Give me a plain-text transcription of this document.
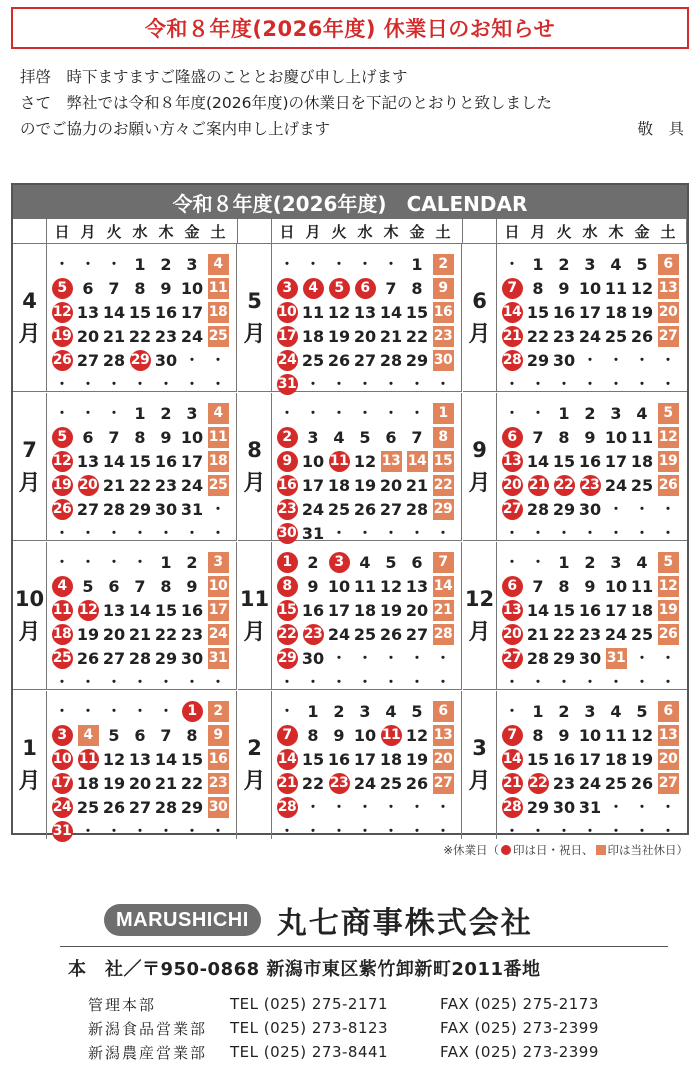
令和８年度(2026年度) 休業日のお知らせ
拝啓　時下ますますご隆盛のこととお慶び申し上げます
さて　弊社では令和８年度(2026年度)の休業日を下記のとおりと致しました
のでご協力のお願い方々ご案内申し上げます	敬　具
令和８年度(2026年度)　CALENDAR
日 月 火 水 木 金 土	日 月 火 水 木 金 土	日 月 火 水 木 金 土
4
月
・ ・ ・ 1 2 3	4
5 6 7 8 9 10 11
12 13 14 15 16 17 18
19 20 21 22 23 24 25
26 27 28 29 30 ・ ・
・ ・ ・ ・ ・ ・ ・
5
月
・ ・ ・ ・ ・ 1	2
3	4	5	6 7 8	9
10 11 12 13 14 15 16
17 18 19 20 21 22 23
24 25 26 27 28 29 30
31 ・ ・ ・ ・ ・ ・
6
月
・ 1 2 3 4 5	6
7 8 9 10 11 12 13
14 15 16 17 18 19 20
21 22 23 24 25 26 27
28 29 30 ・ ・ ・ ・
・ ・ ・ ・ ・ ・ ・
7
月
・ ・ ・ 1 2 3	4
5 6 7 8 9 10 11
12 13 14 15 16 17 18
19 20 21 22 23 24 25
26 27 28 29 30 31 ・
・ ・ ・ ・ ・ ・ ・
8
月
・ ・ ・ ・ ・ ・	1
2 3 4 5 6 7	8
9 10 11 12 13 14 15
16 17 18 19 20 21 22
23 24 25 26 27 28 29
30 31 ・ ・ ・ ・ ・
9
月
・ ・ 1 2 3 4	5
6 7 8 9 10 11 12
13 14 15 16 17 18 19
20 21 22 23 24 25 26
27 28 29 30 ・ ・ ・
・ ・ ・ ・ ・ ・ ・
10
月
・ ・ ・ ・ 1 2	3
4 5 6 7 8 9 10
11 12 13 14 15 16 17
18 19 20 21 22 23 24
25 26 27 28 29 30 31
・ ・ ・ ・ ・ ・ ・
11
月
1 2	3 4 5 6	7
8 9 10 11 12 13 14
15 16 17 18 19 20 21
22 23 24 25 26 27 28
29 30 ・ ・ ・ ・ ・
・ ・ ・ ・ ・ ・ ・
12
月
・ ・ 1 2 3 4	5
6 7 8 9 10 11 12
13 14 15 16 17 18 19
20 21 22 23 24 25 26
27 28 29 30 31 ・ ・
・ ・ ・ ・ ・ ・ ・
1
月
・ ・ ・ ・ ・	1	2
3	4 5 6 7 8	9
10 11 12 13 14 15 16
17 18 19 20 21 22 23
24 25 26 27 28 29 30
31 ・ ・ ・ ・ ・ ・
2
月
・ 1 2 3 4 5	6
7 8 9 10 11 12 13
14 15 16 17 18 19 20
21 22 23 24 25 26 27
28 ・ ・ ・ ・ ・ ・
・ ・ ・ ・ ・ ・ ・
3
月
・ 1 2 3 4 5	6
7 8 9 10 11 12 13
14 15 16 17 18 19 20
21 22 23 24 25 26 27
28 29 30 31 ・ ・ ・
・ ・ ・ ・ ・ ・ ・
※休業日（ 印は日・祝日、 印は当社休日）
MARUSHICHI 丸七商事株式会社
本　社／〒950-0868 新潟市東区紫竹卸新町2011番地
管理本部	TEL (025) 275-2171	FAX (025) 275-2173
新潟食品営業部	TEL (025) 273-8123	FAX (025) 273-2399
新潟農産営業部	TEL (025) 273-8441	FAX (025) 273-2399
